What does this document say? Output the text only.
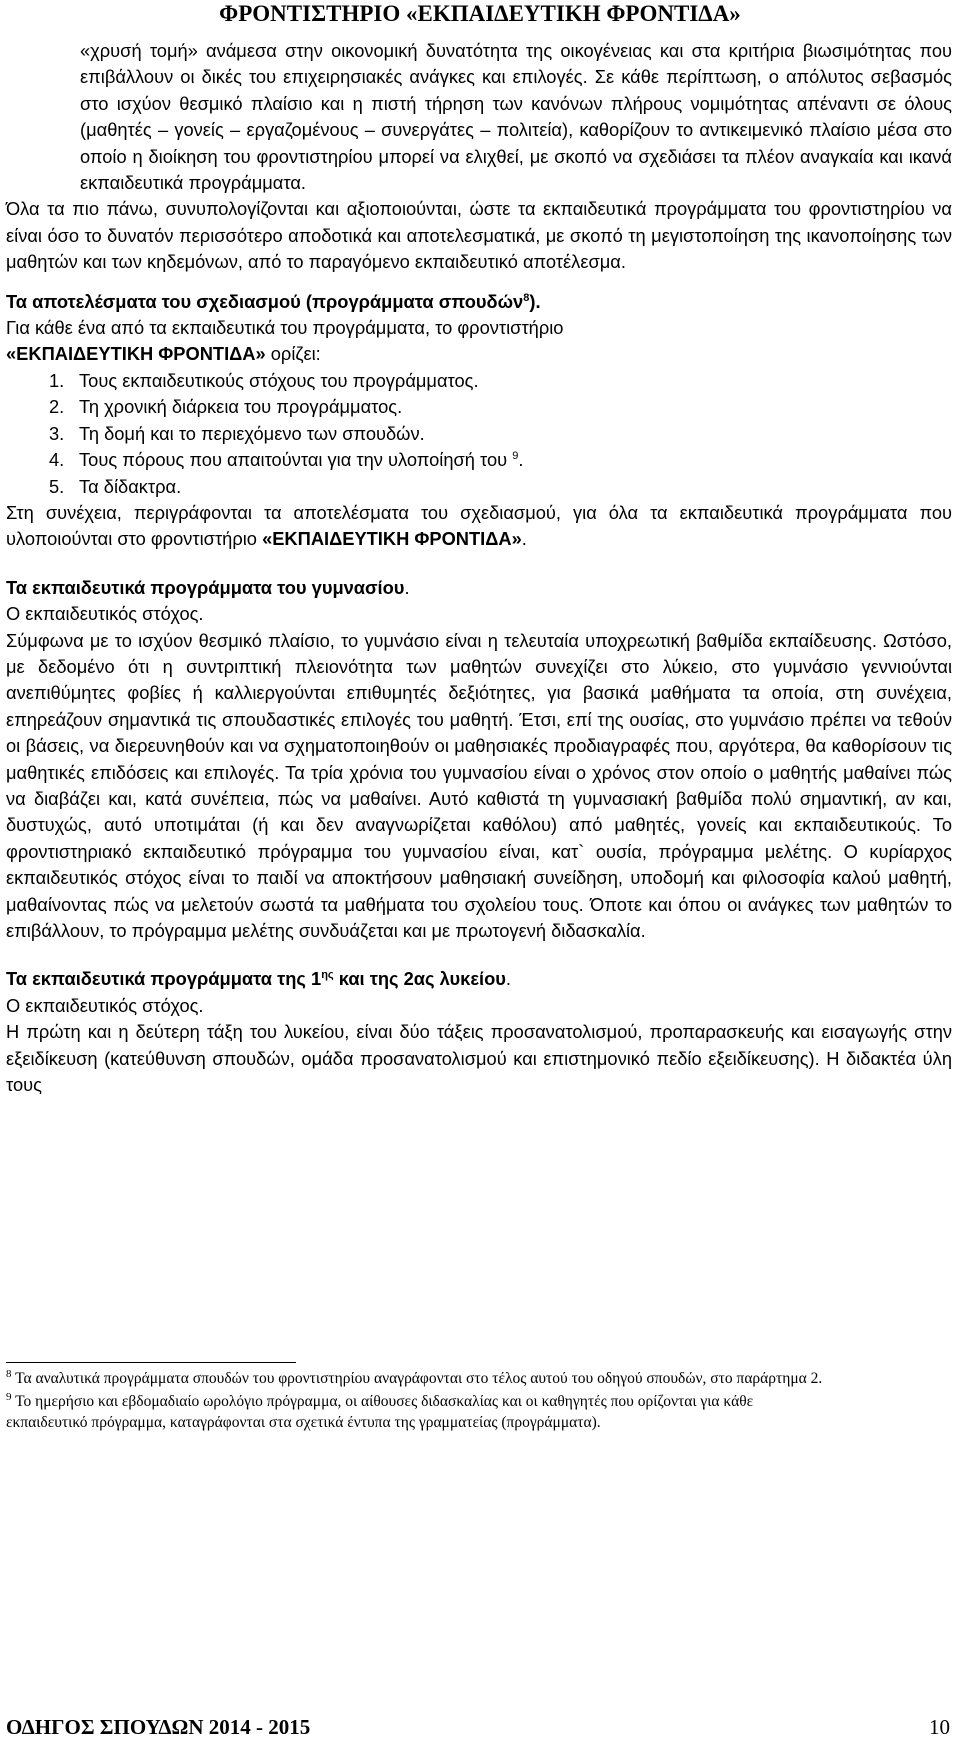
ΦΡΟΝΤΙΣΤΗΡΙΟ «ΕΚΠΑΙΔΕΥΤΙΚΗ ΦΡΟΝΤΙΔΑ»

«χρυσή τομή» ανάμεσα στην οικονομική δυνατότητα της οικογένειας και στα κριτήρια βιωσιμότητας που επιβάλλουν οι δικές του επιχειρησιακές ανάγκες και επιλογές. Σε κάθε περίπτωση, ο απόλυτος σεβασμός στο ισχύον θεσμικό πλαίσιο και η πιστή τήρηση των κανόνων πλήρους νομιμότητας απέναντι σε όλους (μαθητές – γονείς – εργαζομένους – συνεργάτες – πολιτεία), καθορίζουν το αντικειμενικό πλαίσιο μέσα στο οποίο η διοίκηση του φροντιστηρίου μπορεί να ελιχθεί, με σκοπό να σχεδιάσει τα πλέον αναγκαία και ικανά εκπαιδευτικά προγράμματα.

Όλα τα πιο πάνω, συνυπολογίζονται και αξιοποιούνται, ώστε τα εκπαιδευτικά προγράμματα του φροντιστηρίου να είναι όσο το δυνατόν περισσότερο αποδοτικά και αποτελεσματικά, με σκοπό τη μεγιστοποίηση της ικανοποίησης των μαθητών και των κηδεμόνων, από το παραγόμενο εκπαιδευτικό αποτέλεσμα.

Τα αποτελέσματα του σχεδιασμού (προγράμματα σπουδών$^8$).

Για κάθε ένα από τα εκπαιδευτικά του προγράμματα, το φροντιστήριο
«ΕΚΠΑΙΔΕΥΤΙΚΗ ΦΡΟΝΤΙΔΑ» ορίζει:

1. Τους εκπαιδευτικούς στόχους του προγράμματος.
2. Τη χρονική διάρκεια του προγράμματος.
3. Τη δομή και το περιεχόμενο των σπουδών.
4. Τους πόρους που απαιτούνται για την υλοποίησή του $^9$.
5. Τα δίδακτρα.

Στη συνέχεια, περιγράφονται τα αποτελέσματα του σχεδιασμού, για όλα τα εκπαιδευτικά προγράμματα που υλοποιούνται στο φροντιστήριο «ΕΚΠΑΙΔΕΥΤΙΚΗ ΦΡΟΝΤΙΔΑ».

Τα εκπαιδευτικά προγράμματα του γυμνασίου.

Ο εκπαιδευτικός στόχος.

Σύμφωνα με το ισχύον θεσμικό πλαίσιο, το γυμνάσιο είναι η τελευταία υποχρεωτική βαθμίδα εκπαίδευσης. Ωστόσο, με δεδομένο ότι η συντριπτική πλειονότητα των μαθητών συνεχίζει στο λύκειο, στο γυμνάσιο γεννιούνται ανεπιθύμητες φοβίες ή καλλιεργούνται επιθυμητές δεξιότητες, για βασικά μαθήματα τα οποία, στη συνέχεια, επηρεάζουν σημαντικά τις σπουδαστικές επιλογές του μαθητή. Έτσι, επί της ουσίας, στο γυμνάσιο πρέπει να τεθούν οι βάσεις, να διερευνηθούν και να σχηματοποιηθούν οι μαθησιακές προδιαγραφές που, αργότερα, θα καθορίσουν τις μαθητικές επιδόσεις και επιλογές. Τα τρία χρόνια του γυμνασίου είναι ο χρόνος στον οποίο ο μαθητής μαθαίνει πώς να διαβάζει και, κατά συνέπεια, πώς να μαθαίνει. Αυτό καθιστά τη γυμνασιακή βαθμίδα πολύ σημαντική, αν και, δυστυχώς, αυτό υποτιμάται (ή και δεν αναγνωρίζεται καθόλου) από μαθητές, γονείς και εκπαιδευτικούς. Το φροντιστηριακό εκπαιδευτικό πρόγραμμα του γυμνασίου είναι, κατ` ουσία, πρόγραμμα μελέτης. Ο κυρίαρχος εκπαιδευτικός στόχος είναι το παιδί να αποκτήσουν μαθησιακή συνείδηση, υποδομή και φιλοσοφία καλού μαθητή, μαθαίνοντας πώς να μελετούν σωστά τα μαθήματα του σχολείου τους. Όποτε και όπου οι ανάγκες των μαθητών το επιβάλλουν, το πρόγραμμα μελέτης συνδυάζεται και με πρωτογενή διδασκαλία.

Τα εκπαιδευτικά προγράμματα της $1^{\eta\varsigma}$ και της 2ας λυκείου.

Ο εκπαιδευτικός στόχος.

Η πρώτη και η δεύτερη τάξη του λυκείου, είναι δύο τάξεις προσανατολισμού, προπαρασκευής και εισαγωγής στην εξειδίκευση (κατεύθυνση σπουδών, ομάδα προσανατολισμού και επιστημονικό πεδίο εξειδίκευσης). Η διδακτέα ύλη τους

$^8$ Τα αναλυτικά προγράμματα σπουδών του φροντιστηρίου αναγράφονται στο τέλος αυτού του οδηγού σπουδών, στο παράρτημα 2.

$^9$ Το ημερήσιο και εβδομαδιαίο ωρολόγιο πρόγραμμα, οι αίθουσες διδασκαλίας και οι καθηγητές που ορίζονται για κάθε εκπαιδευτικό πρόγραμμα, καταγράφονται στα σχετικά έντυπα της γραμματείας (προγράμματα).

ΟΔΗΓΟΣ ΣΠΟΥΔΩΝ 2014 - 2015	10
